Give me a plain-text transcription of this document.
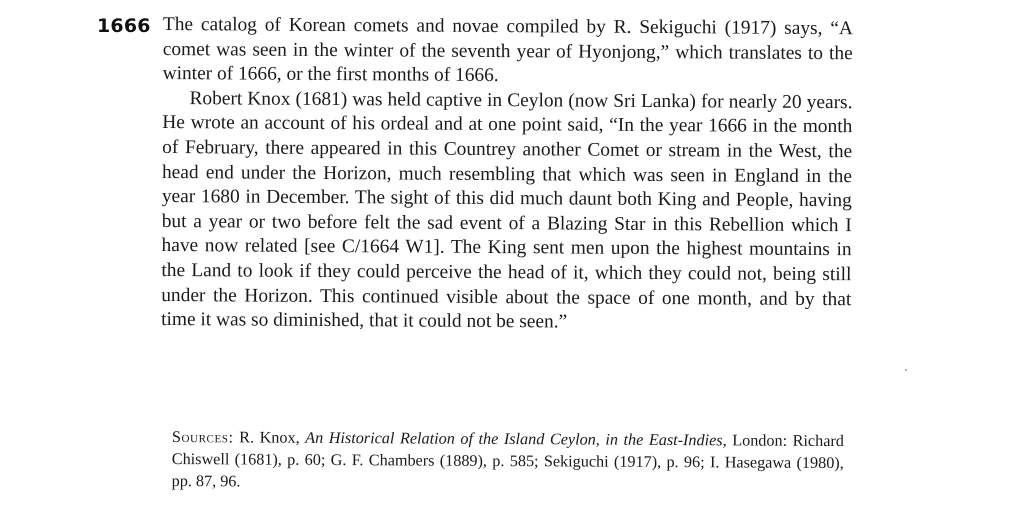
1666 The catalog of Korean comets and novae compiled by R. Sekiguchi (1917) says, “A comet was seen in the winter of the seventh year of Hyonjong,” which translates to the winter of 1666, or the first months of 1666.

Robert Knox (1681) was held captive in Ceylon (now Sri Lanka) for nearly 20 years. He wrote an account of his ordeal and at one point said, “In the year 1666 in the month of February, there appeared in this Countrey another Comet or stream in the West, the head end under the Horizon, much resembling that which was seen in England in the year 1680 in December. The sight of this did much daunt both King and People, having but a year or two before felt the sad event of a Blazing Star in this Rebellion which I have now related [see C/1664 W1]. The King sent men upon the highest mountains in the Land to look if they could perceive the head of it, which they could not, being still under the Horizon. This continued visible about the space of one month, and by that time it was so diminished, that it could not be seen.”

Sources: R. Knox, An Historical Relation of the Island Ceylon, in the East-Indies, London: Richard Chiswell (1681), p. 60; G. F. Chambers (1889), p. 585; Sekiguchi (1917), p. 96; I. Hasegawa (1980), pp. 87, 96.
